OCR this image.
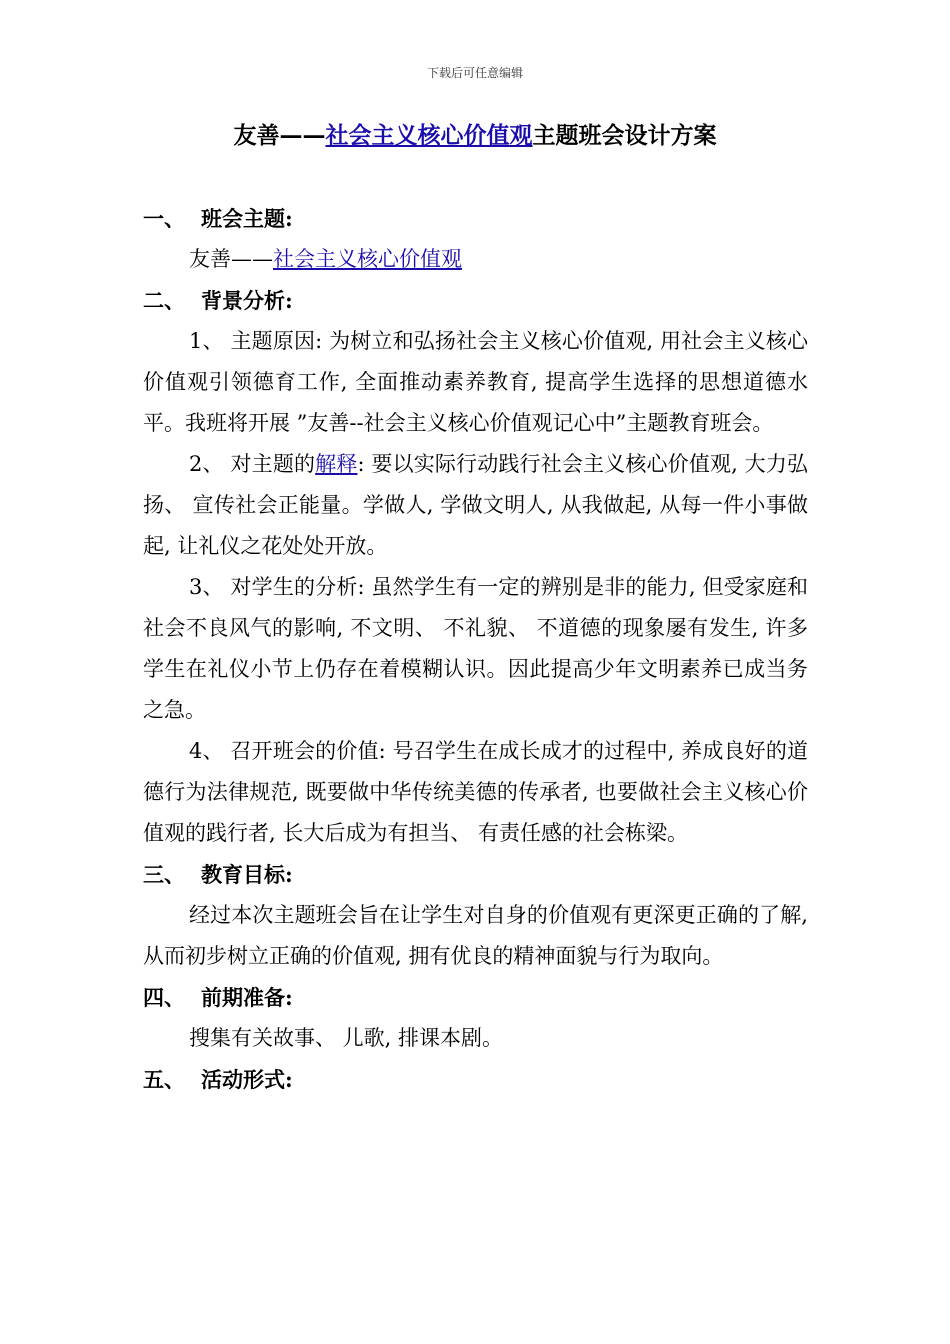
下载后可任意编辑
友善——社会主义核心价值观主题班会设计方案
一、 班会主题:
友善——社会主义核心价值观
二、 背景分析:
1、 主题原因: 为树立和弘扬社会主义核心价值观, 用社会主义核心价值观引领德育工作, 全面推动素养教育, 提高学生选择的思想道德水平。我班将开展 ”友善--社会主义核心价值观记心中”主题教育班会。
2、 对主题的解释: 要以实际行动践行社会主义核心价值观, 大力弘扬、 宣传社会正能量。学做人, 学做文明人, 从我做起, 从每一件小事做起, 让礼仪之花处处开放。
3、 对学生的分析: 虽然学生有一定的辨别是非的能力, 但受家庭和社会不良风气的影响, 不文明、 不礼貌、 不道德的现象屡有发生, 许多学生在礼仪小节上仍存在着模糊认识。因此提高少年文明素养已成当务之急。
4、 召开班会的价值: 号召学生在成长成才的过程中, 养成良好的道德行为法律规范, 既要做中华传统美德的传承者, 也要做社会主义核心价值观的践行者, 长大后成为有担当、 有责任感的社会栋梁。
三、 教育目标:
经过本次主题班会旨在让学生对自身的价值观有更深更正确的了解, 从而初步树立正确的价值观, 拥有优良的精神面貌与行为取向。
四、 前期准备:
搜集有关故事、 儿歌, 排课本剧。
五、 活动形式:
